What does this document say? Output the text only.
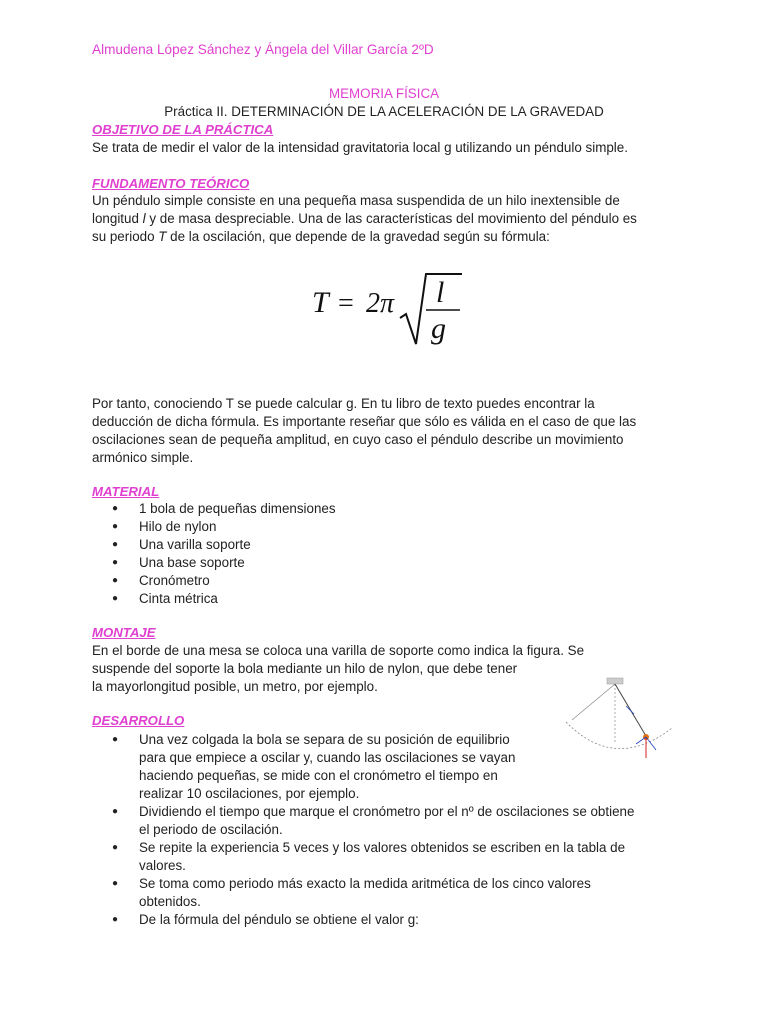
Almudena López Sánchez y Ángela del Villar García 2ºD
MEMORIA FÍSICA
Práctica II. DETERMINACIÓN DE LA ACELERACIÓN DE LA GRAVEDAD
OBJETIVO DE LA PRÁCTICA
Se trata de medir el valor de la intensidad gravitatoria local g utilizando un péndulo simple.
FUNDAMENTO TEÓRICO
Un péndulo simple consiste en una pequeña masa suspendida de un hilo inextensible de
longitud l y de masa despreciable. Una de las características del movimiento del péndulo es
su periodo T de la oscilación, que depende de la gravedad según su fórmula:
T = 2π l
g
Por tanto, conociendo T se puede calcular g. En tu libro de texto puedes encontrar la
deducción de dicha fórmula. Es importante reseñar que sólo es válida en el caso de que las
oscilaciones sean de pequeña amplitud, en cuyo caso el péndulo describe un movimiento
armónico simple.
MATERIAL
● 1 bola de pequeñas dimensiones
● Hilo de nylon
● Una varilla soporte
● Una base soporte
● Cronómetro
● Cinta métrica
MONTAJE
En el borde de una mesa se coloca una varilla de soporte como indica la figura. Se
suspende del soporte la bola mediante un hilo de nylon, que debe tener
la mayorlongitud posible, un metro, por ejemplo.
DESARROLLO
● Una vez colgada la bola se separa de su posición de equilibrio
para que empiece a oscilar y, cuando las oscilaciones se vayan
haciendo pequeñas, se mide con el cronómetro el tiempo en
realizar 10 oscilaciones, por ejemplo.
● Dividiendo el tiempo que marque el cronómetro por el nº de oscilaciones se obtiene
el periodo de oscilación.
● Se repite la experiencia 5 veces y los valores obtenidos se escriben en la tabla de
valores.
● Se toma como periodo más exacto la medida aritmética de los cinco valores
obtenidos.
● De la fórmula del péndulo se obtiene el valor g:
